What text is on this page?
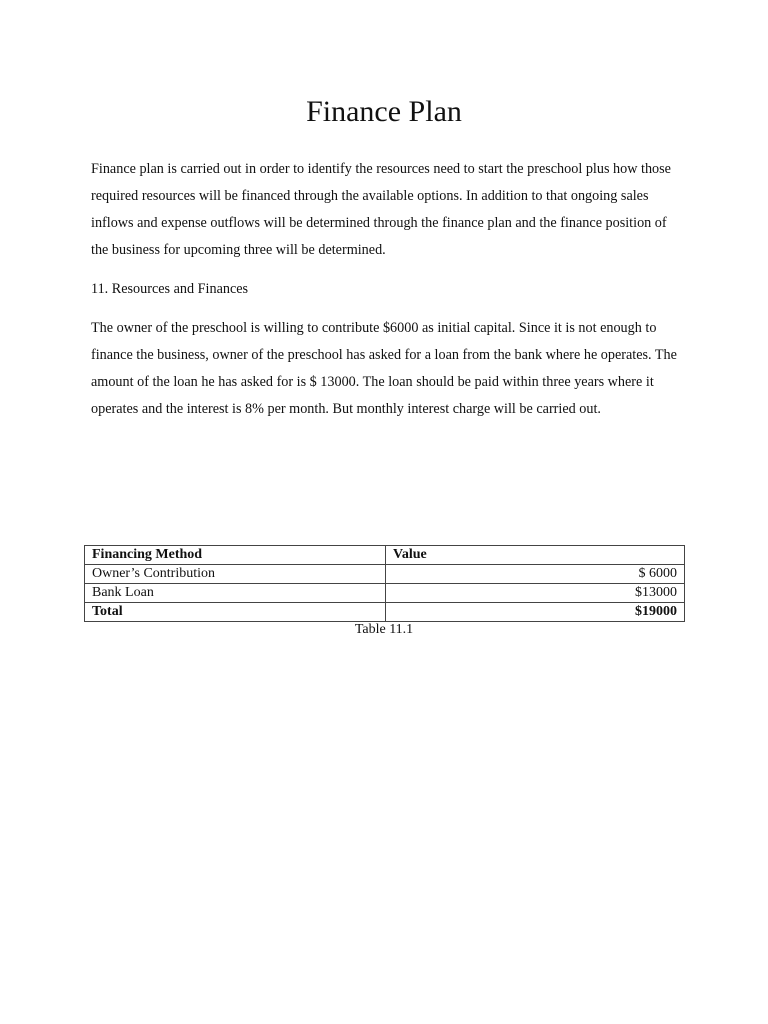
Finance Plan

Finance plan is carried out in order to identify the resources need to start the preschool plus how those required resources will be financed through the available options. In addition to that ongoing sales inflows and expense outflows will be determined through the finance plan and the finance position of the business for upcoming three will be determined.

11. Resources and Finances

The owner of the preschool is willing to contribute $6000 as initial capital. Since it is not enough to finance the business, owner of the preschool has asked for a loan from the bank where he operates. The amount of the loan he has asked for is $ 13000. The loan should be paid within three years where it operates and the interest is 8% per month. But monthly interest charge will be carried out.

Financing Method	Value
Owner’s Contribution	$ 6000
Bank Loan	$13000
Total	$19000
Table 11.1
